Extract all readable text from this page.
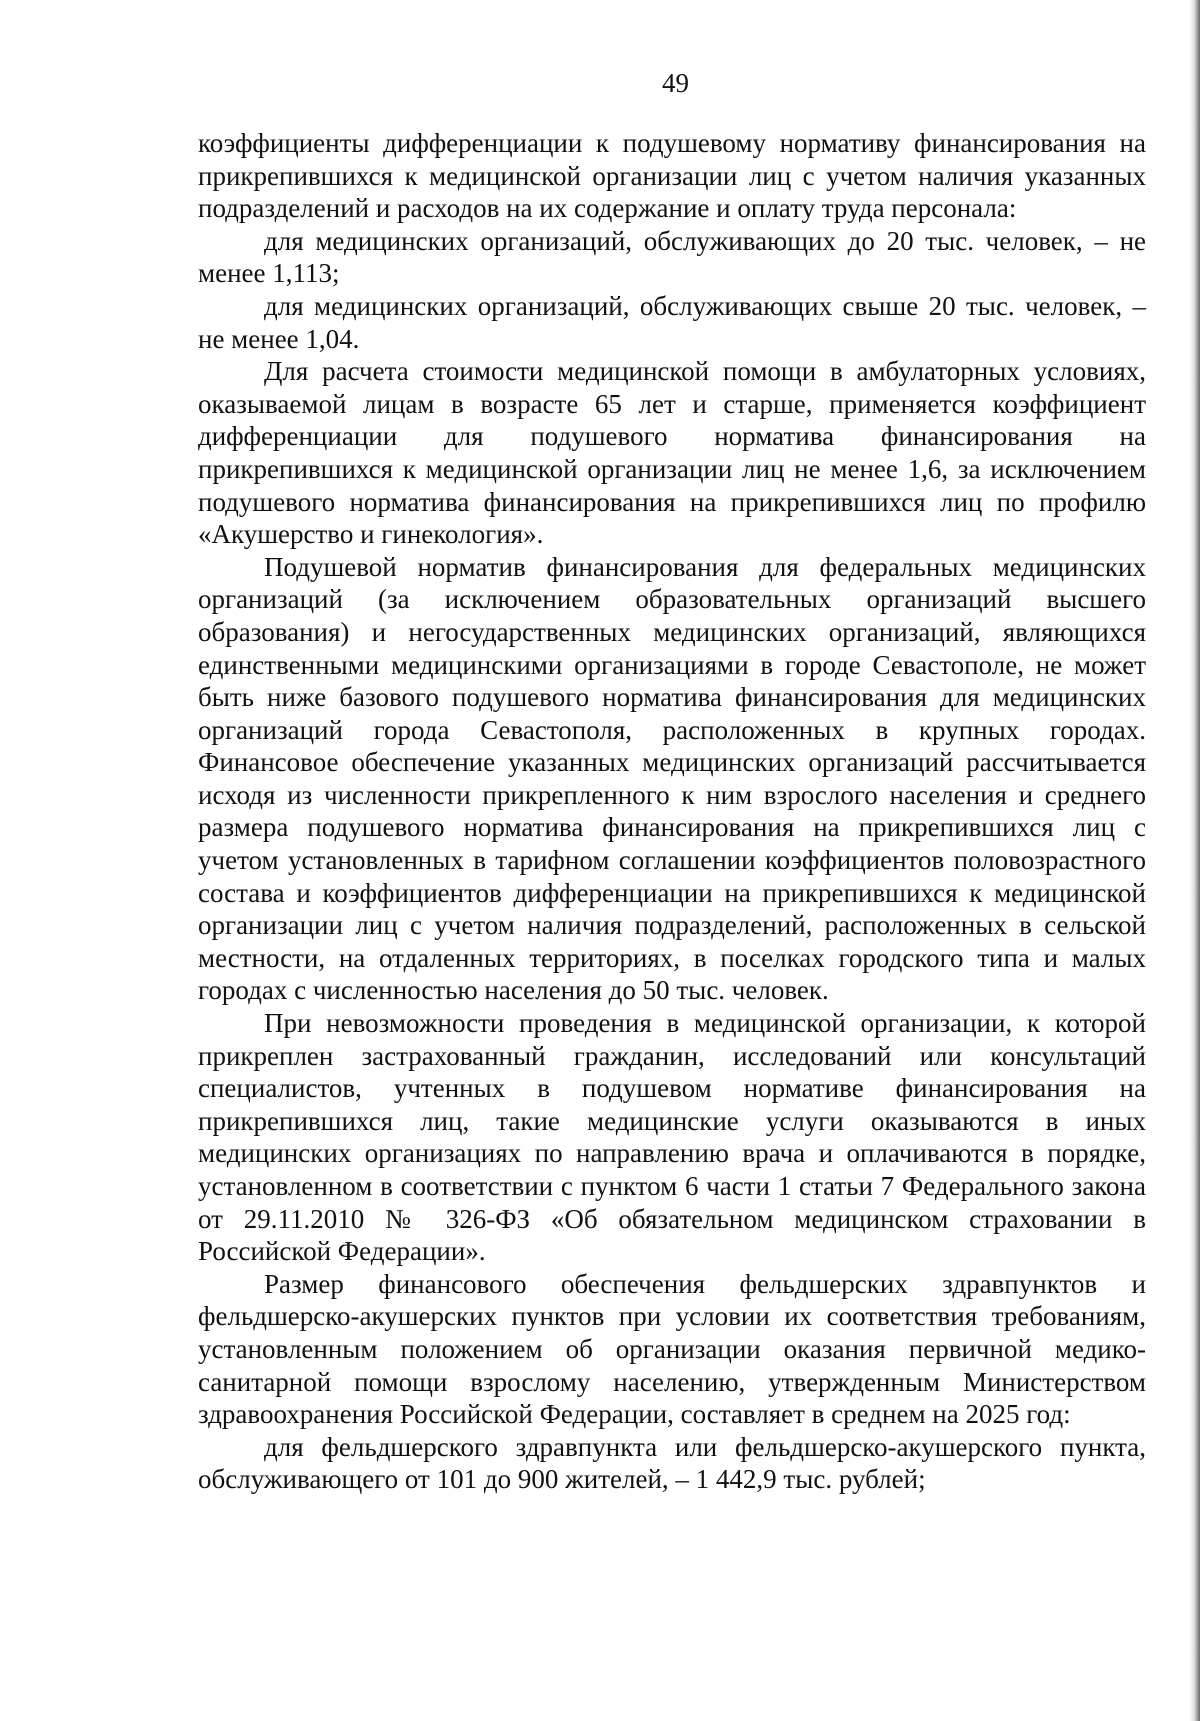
49

коэффициенты дифференциации к подушевому нормативу финансирования на прикрепившихся к медицинской организации лиц с учетом наличия указанных подразделений и расходов на их содержание и оплату труда персонала:

для медицинских организаций, обслуживающих до 20 тыс. человек, – не менее 1,113;

для медицинских организаций, обслуживающих свыше 20 тыс. человек, – не менее 1,04.

Для расчета стоимости медицинской помощи в амбулаторных условиях, оказываемой лицам в возрасте 65 лет и старше, применяется коэффициент дифференциации для подушевого норматива финансирования на прикрепившихся к медицинской организации лиц не менее 1,6, за исключением подушевого норматива финансирования на прикрепившихся лиц по профилю «Акушерство и гинекология».

Подушевой норматив финансирования для федеральных медицинских организаций (за исключением образовательных организаций высшего образования) и негосударственных медицинских организаций, являющихся единственными медицинскими организациями в городе Севастополе, не может быть ниже базового подушевого норматива финансирования для медицинских организаций города Севастополя, расположенных в крупных городах. Финансовое обеспечение указанных медицинских организаций рассчитывается исходя из численности прикрепленного к ним взрослого населения и среднего размера подушевого норматива финансирования на прикрепившихся лиц с учетом установленных в тарифном соглашении коэффициентов половозрастного состава и коэффициентов дифференциации на прикрепившихся к медицинской организации лиц с учетом наличия подразделений, расположенных в сельской местности, на отдаленных территориях, в поселках городского типа и малых городах с численностью населения до 50 тыс. человек.

При невозможности проведения в медицинской организации, к которой прикреплен застрахованный гражданин, исследований или консультаций специалистов, учтенных в подушевом нормативе финансирования на прикрепившихся лиц, такие медицинские услуги оказываются в иных медицинских организациях по направлению врача и оплачиваются в порядке, установленном в соответствии с пунктом 6 части 1 статьи 7 Федерального закона от 29.11.2010 № 326-ФЗ «Об обязательном медицинском страховании в Российской Федерации».

Размер финансового обеспечения фельдшерских здравпунктов и фельдшерско-акушерских пунктов при условии их соответствия требованиям, установленным положением об организации оказания первичной медико-санитарной помощи взрослому населению, утвержденным Министерством здравоохранения Российской Федерации, составляет в среднем на 2025 год:

для фельдшерского здравпункта или фельдшерско-акушерского пункта, обслуживающего от 101 до 900 жителей, – 1 442,9 тыс. рублей;
